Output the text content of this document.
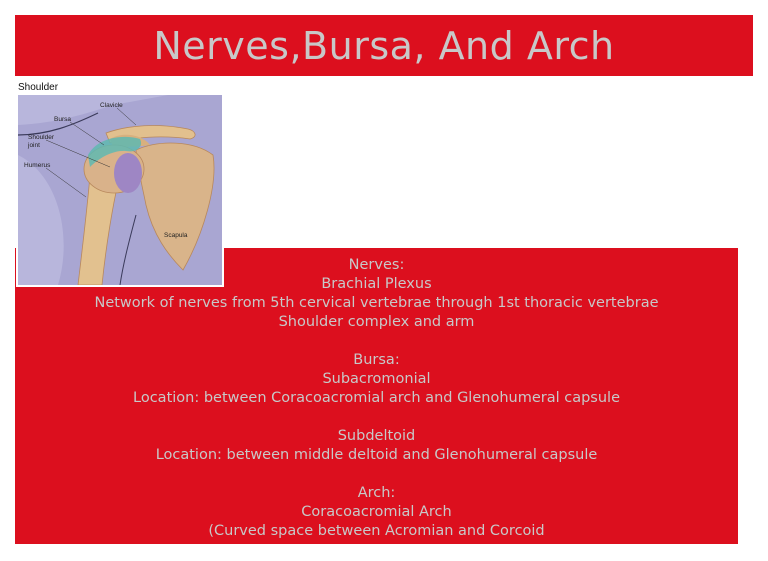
Nerves,Bursa, And Arch
Nerves:
Brachial Plexus
Network of nerves from 5th cervical vertebrae through 1st thoracic vertebrae
Shoulder complex and arm
Bursa:
Subacromonial
Location: between Coracoacromial arch and Glenohumeral capsule
Subdeltoid
Location: between middle deltoid and Glenohumeral capsule
Arch:
Coracoacromial Arch
(Curved space between Acromian and Corcoid
Shoulder
Clavicle
Bursa
Shoulder
joint
Humerus
Scapula
